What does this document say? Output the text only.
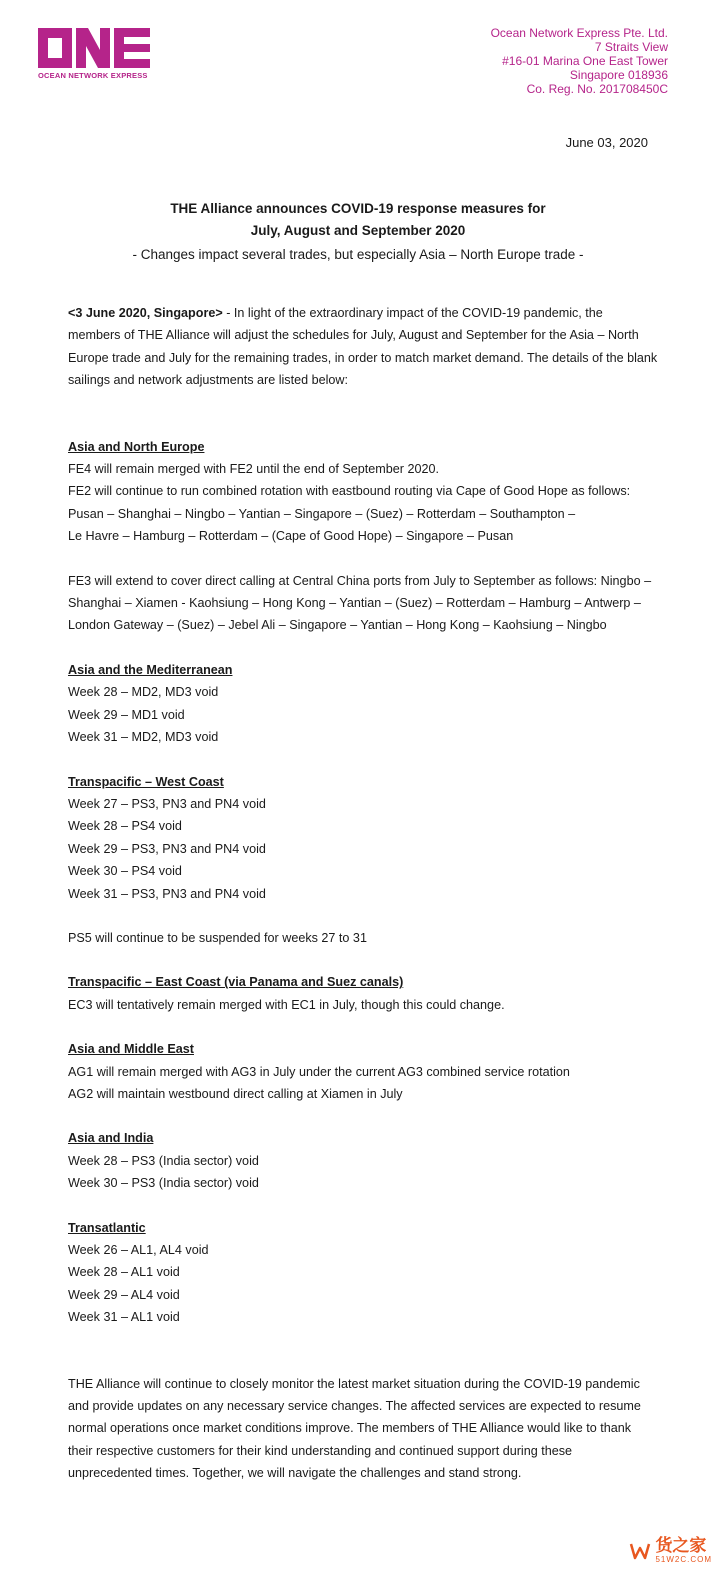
OCEAN NETWORK EXPRESS
Ocean Network Express Pte. Ltd.
7 Straits View
#16-01 Marina One East Tower
Singapore 018936
Co. Reg. No. 201708450C
June 03, 2020
THE Alliance announces COVID-19 response measures for
July, August and September 2020
- Changes impact several trades, but especially Asia – North Europe trade -

<3 June 2020, Singapore> - In light of the extraordinary impact of the COVID-19 pandemic, the members of THE Alliance will adjust the schedules for July, August and September for the Asia – North Europe trade and July for the remaining trades, in order to match market demand. The details of the blank sailings and network adjustments are listed below:

Asia and North Europe

FE4 will remain merged with FE2 until the end of September 2020.

FE2 will continue to run combined rotation with eastbound routing via Cape of Good Hope as follows:

Pusan – Shanghai – Ningbo – Yantian – Singapore – (Suez) – Rotterdam – Southampton –

Le Havre – Hamburg – Rotterdam – (Cape of Good Hope) – Singapore – Pusan

FE3 will extend to cover direct calling at Central China ports from July to September as follows: Ningbo – Shanghai – Xiamen - Kaohsiung – Hong Kong – Yantian – (Suez) – Rotterdam – Hamburg – Antwerp – London Gateway – (Suez) – Jebel Ali – Singapore – Yantian – Hong Kong – Kaohsiung – Ningbo

Asia and the Mediterranean

Week 28 – MD2, MD3 void

Week 29 – MD1 void

Week 31 – MD2, MD3 void

Transpacific – West Coast

Week 27 – PS3, PN3 and PN4 void

Week 28 – PS4 void

Week 29 – PS3, PN3 and PN4 void

Week 30 – PS4 void

Week 31 – PS3, PN3 and PN4 void

PS5 will continue to be suspended for weeks 27 to 31

Transpacific – East Coast (via Panama and Suez canals)

EC3 will tentatively remain merged with EC1 in July, though this could change.

Asia and Middle East

AG1 will remain merged with AG3 in July under the current AG3 combined service rotation

AG2 will maintain westbound direct calling at Xiamen in July

Asia and India

Week 28 – PS3 (India sector) void

Week 30 – PS3 (India sector) void

Transatlantic

Week 26 – AL1, AL4 void

Week 28 – AL1 void

Week 29 – AL4 void

Week 31 – AL1 void

THE Alliance will continue to closely monitor the latest market situation during the COVID-19 pandemic and provide updates on any necessary service changes. The affected services are expected to resume normal operations once market conditions improve. The members of THE Alliance would like to thank their respective customers for their kind understanding and continued support during these unprecedented times. Together, we will navigate the challenges and stand strong.

货之家
51W2C.COM
